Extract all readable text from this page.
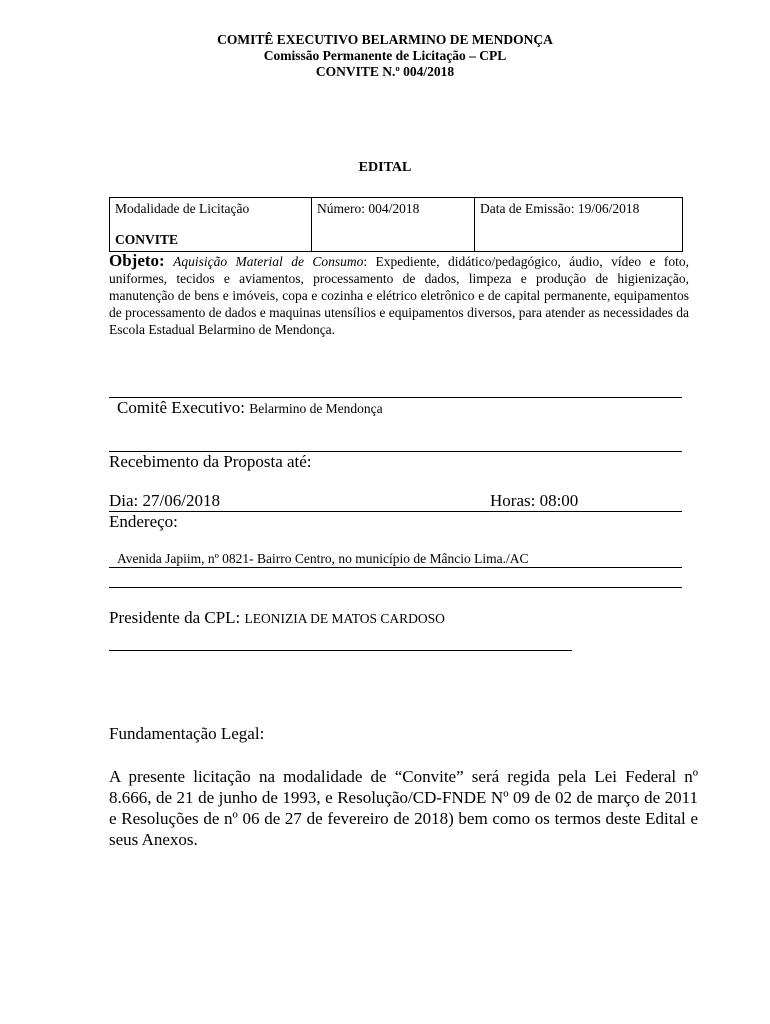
COMITÊ EXECUTIVO BELARMINO DE MENDONÇA
Comissão Permanente de Licitação – CPL
CONVITE N.º 004/2018
EDITAL
Modalidade de Licitação
CONVITE
	Número: 004/2018	Data de Emissão: 19/06/2018
Objeto: Aquisição Material de Consumo: Expediente, didático/pedagógico, áudio, vídeo e foto, uniformes, tecidos e aviamentos, processamento de dados, limpeza e produção de higienização, manutenção de bens e imóveis, copa e cozinha e elétrico eletrônico e de capital permanente, equipamentos de processamento de dados e maquinas utensílios e equipamentos diversos, para atender as necessidades da Escola Estadual Belarmino de Mendonça.
Comitê Executivo: Belarmino de Mendonça
Recebimento da Proposta até:
Dia: 27/06/2018	Horas: 08:00
Endereço:
Avenida Japiim, nº 0821- Bairro Centro, no município de Mâncio Lima./AC
Presidente da CPL: LEONIZIA DE MATOS CARDOSO
Fundamentação Legal:
A presente licitação na modalidade de “Convite” será regida pela Lei Federal nº 8.666, de 21 de junho de 1993, e Resolução/CD-FNDE Nº 09 de 02 de março de 2011 e Resoluções de nº 06 de 27 de fevereiro de 2018) bem como os termos deste Edital e seus Anexos.
